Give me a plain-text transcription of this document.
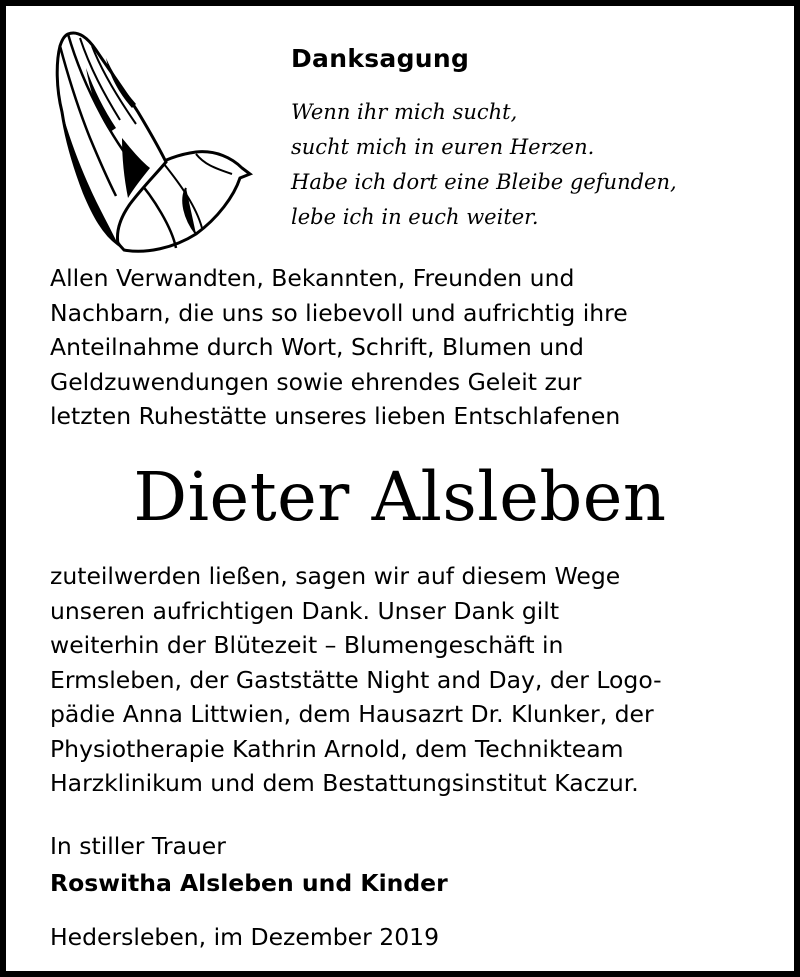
Danksagung
Wenn ihr mich sucht,
sucht mich in euren Herzen.
Habe ich dort eine Bleibe gefunden,
lebe ich in euch weiter.
Allen Verwandten, Bekannten, Freunden und
Nachbarn, die uns so liebevoll und aufrichtig ihre
Anteilnahme durch Wort, Schrift, Blumen und
Geldzuwendungen sowie ehrendes Geleit zur
letzten Ruhestätte unseres lieben Entschlafenen
Dieter Alsleben
zuteilwerden ließen, sagen wir auf diesem Wege
unseren aufrichtigen Dank. Unser Dank gilt
weiterhin der Blütezeit – Blumengeschäft in
Ermsleben, der Gaststätte Night and Day, der Logo-
pädie Anna Littwien, dem Hausazrt Dr. Klunker, der
Physiotherapie Kathrin Arnold, dem Technikteam
Harzklinikum und dem Bestattungsinstitut Kaczur.
In stiller Trauer
Roswitha Alsleben und Kinder
Hedersleben, im Dezember 2019
